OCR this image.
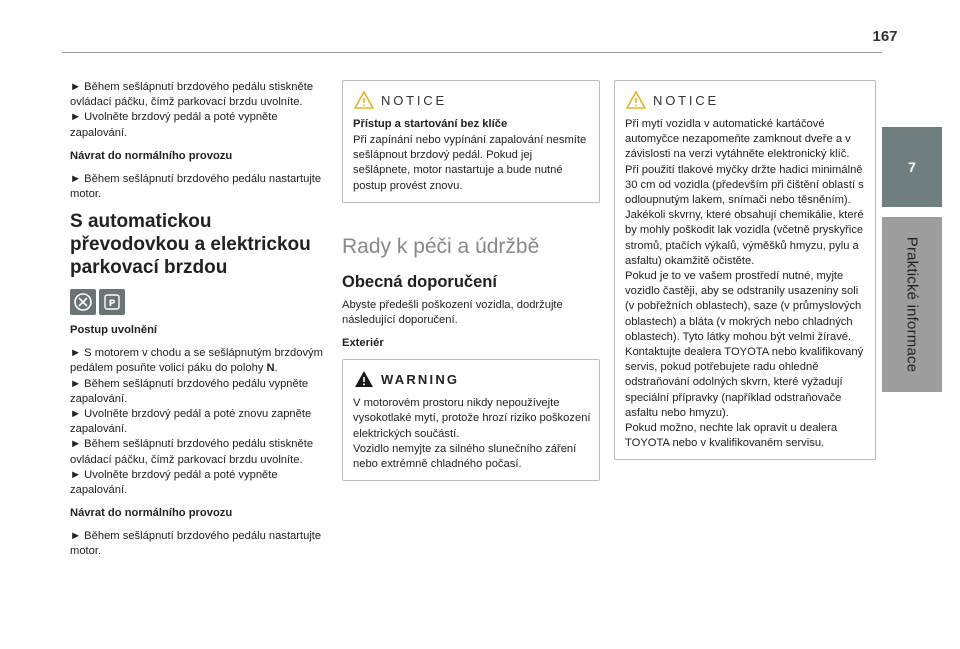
167
7
Praktické informace

► Během sešlápnutí brzdového pedálu stiskněte ovládací páčku, čímž parkovací brzdu uvolníte.
► Uvolněte brzdový pedál a poté vypněte zapalování.

Návrat do normálního provozu

► Během sešlápnutí brzdového pedálu nastartujte motor.

S automatickou převodovkou a elektrickou parkovací brzdou

P

Postup uvolnění

► S motorem v chodu a se sešlápnutým brzdovým pedálem posuňte volicí páku do polohy N.
► Během sešlápnutí brzdového pedálu vypněte zapalování.
► Uvolněte brzdový pedál a poté znovu zapněte zapalování.
► Během sešlápnutí brzdového pedálu stiskněte ovládací páčku, čímž parkovací brzdu uvolníte.
► Uvolněte brzdový pedál a poté vypněte zapalování.

Návrat do normálního provozu

► Během sešlápnutí brzdového pedálu nastartujte motor.

NOTICE

Přístup a startování bez klíče

Při zapínání nebo vypínání zapalování nesmíte sešlápnout brzdový pedál. Pokud jej sešlápnete, motor nastartuje a bude nutné postup provést znovu.

Rady k péči a údržbě

Obecná doporučení

Abyste předešli poškození vozidla, dodržujte následující doporučení.

Exteriér

WARNING

V motorovém prostoru nikdy nepoužívejte vysokotlaké mytí, protože hrozí riziko poškození elektrických součástí.
Vozidlo nemyjte za silného slunečního záření nebo extrémně chladného počasí.

NOTICE

Při mytí vozidla v automatické kartáčové automyčce nezapomeňte zamknout dveře a v závislosti na verzi vytáhněte elektronický klíč.
Při použití tlakové myčky držte hadici minimálně 30 cm od vozidla (především při čištění oblastí s odloupnutým lakem, snímači nebo těsněním).
Jakékoli skvrny, které obsahují chemikálie, které by mohly poškodit lak vozidla (včetně pryskyřice stromů, ptačích výkalů, výměšků hmyzu, pylu a asfaltu) okamžitě očistěte.
Pokud je to ve vašem prostředí nutné, myjte vozidlo častěji, aby se odstranily usazeniny soli (v pobřežních oblastech), saze (v průmyslových oblastech) a bláta (v mokrých nebo chladných oblastech). Tyto látky mohou být velmi žíravé.
Kontaktujte dealera TOYOTA nebo kvalifikovaný servis, pokud potřebujete radu ohledně odstraňování odolných skvrn, které vyžadují speciální přípravky (například odstraňovače asfaltu nebo hmyzu).
Pokud možno, nechte lak opravit u dealera TOYOTA nebo v kvalifikovaném servisu.
